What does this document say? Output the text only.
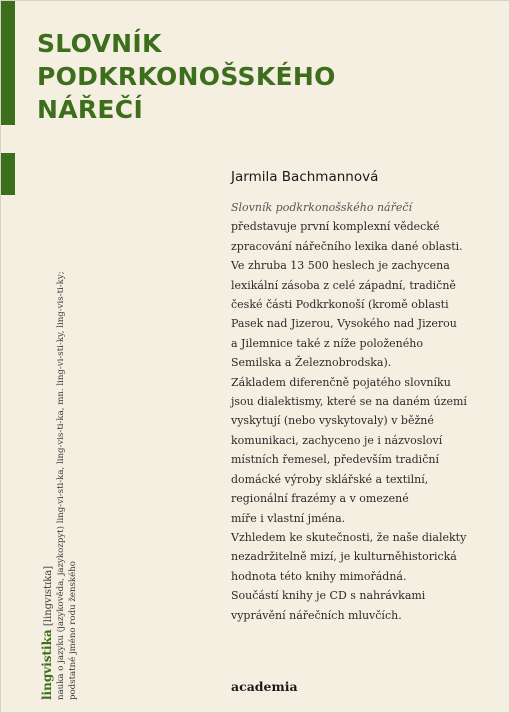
SLOVNÍK
PODKRKONOŠSKÉHO
NÁŘEČÍ
Jarmila Bachmannová
Slovník podkrkonošského nářečí
představuje první komplexní vědecké
zpracování nářečního lexika dané oblasti.
Ve zhruba 13 500 heslech je zachycena
lexikální zásoba z celé západní, tradičně
české části Podkrkonoší (kromě oblasti
Pasek nad Jizerou, Vysokého nad Jizerou
a Jilemnice také z níže položeného
Semilska a Železnobrodska).
Základem diferenčně pojatého slovníku
jsou dialektismy, které se na daném území
vyskytují (nebo vyskytovaly) v běžné
komunikaci, zachyceno je i názvosloví
místních řemesel, především tradiční
domácké výroby sklářské a textilní,
regionální frazémy a v omezené
míře i vlastní jména.
Vzhledem ke skutečnosti, že naše dialekty
nezadržitelně mizí, je kulturněhistorická
hodnota této knihy mimořádná.
Součástí knihy je CD s nahrávkami
vyprávění nářečních mluvčích.
academia
lingvistika [lingvɪstɪka] nauka o jazyku (jazykověda, jazykozpyt) ling-vi-sti-ka, ling-vis-ti-ka, mn. ling-vi-sti-ky, ling-vis-ti-ky; podstatné jméno rodu ženského
